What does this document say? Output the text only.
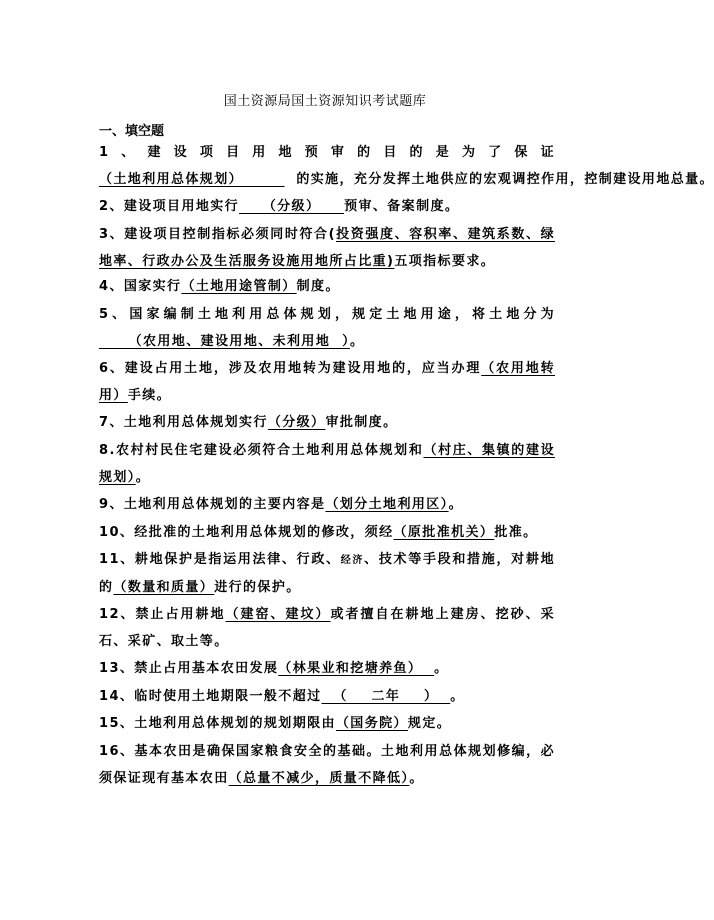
国土资源局国土资源知识考试题库
一、填空题
1、建设项目用地预审的目的是为了保证（土地利用总体规划）         的实施，充分发挥土地供应的宏观调控作用，控制建设用地总量。
2、建设项目用地实行    （分级）    预审、备案制度。
3、建设项目控制指标必须同时符合(投资强度、容积率、建筑系数、绿地率、行政办公及生活服务设施用地所占比重)五项指标要求。
4、国家实行（土地用途管制）制度。
5、国家编制土地利用总体规划，规定土地用途，将土地分为     （农用地、建设用地、未利用地  ）。
6、建设占用土地，涉及农用地转为建设用地的，应当办理（农用地转用）手续。
7、土地利用总体规划实行（分级）审批制度。
8.农村村民住宅建设必须符合土地利用总体规划和（村庄、集镇的建设规划）。
9、土地利用总体规划的主要内容是（划分土地利用区）。
10、经批准的土地利用总体规划的修改，须经（原批准机关）批准。
11、耕地保护是指运用法律、行政、经济、技术等手段和措施，对耕地的（数量和质量）进行的保护。
12、禁止占用耕地（建窑、建坟）或者擅自在耕地上建房、挖砂、采石、采矿、取土等。
13、禁止占用基本农田发展（林果业和挖塘养鱼）  。
14、临时使用土地期限一般不超过  （    二年    ）  。
15、土地利用总体规划的规划期限由（国务院）规定。
16、基本农田是确保国家粮食安全的基础。土地利用总体规划修编，必须保证现有基本农田（总量不减少，质量不降低）。
